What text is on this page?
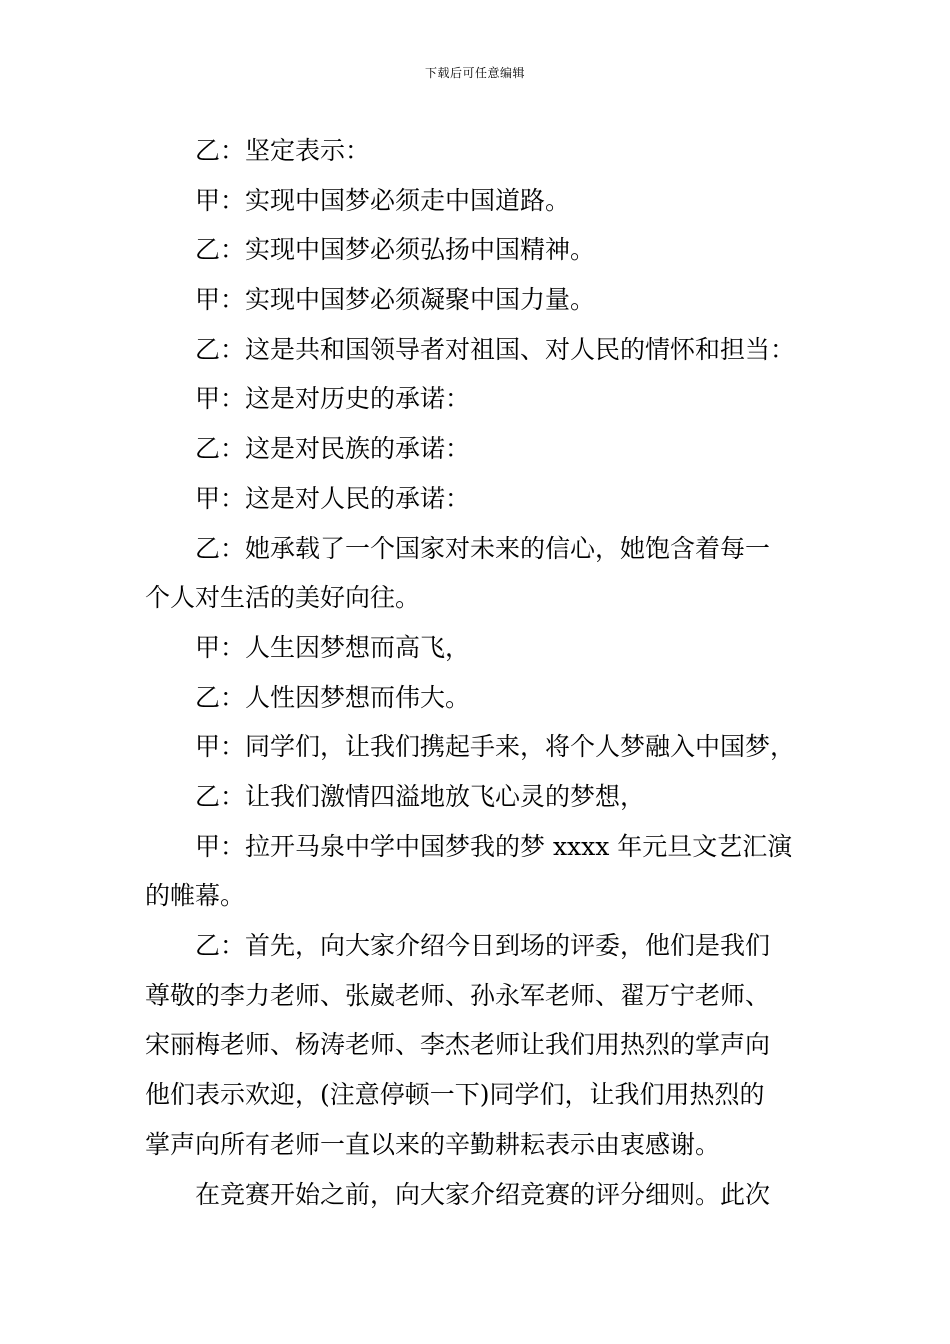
下载后可任意编辑

乙：坚定表示：

甲：实现中国梦必须走中国道路。

乙：实现中国梦必须弘扬中国精神。

甲：实现中国梦必须凝聚中国力量。

乙：这是共和国领导者对祖国、对人民的情怀和担当：

甲：这是对历史的承诺：

乙：这是对民族的承诺：

甲：这是对人民的承诺：

乙：她承载了一个国家对未来的信心，她饱含着每一
个人对生活的美好向往。

甲：人生因梦想而高飞，

乙：人性因梦想而伟大。

甲：同学们，让我们携起手来，将个人梦融入中国梦，

乙：让我们激情四溢地放飞心灵的梦想，

甲：拉开马泉中学中国梦我的梦 xxxx 年元旦文艺汇演
的帷幕。

乙：首先，向大家介绍今日到场的评委，他们是我们
尊敬的李力老师、张崴老师、孙永军老师、翟万宁老师、
宋丽梅老师、杨涛老师、李杰老师让我们用热烈的掌声向
他们表示欢迎，(注意停顿一下)同学们，让我们用热烈的
掌声向所有老师一直以来的辛勤耕耘表示由衷感谢。

在竞赛开始之前，向大家介绍竞赛的评分细则。此次
